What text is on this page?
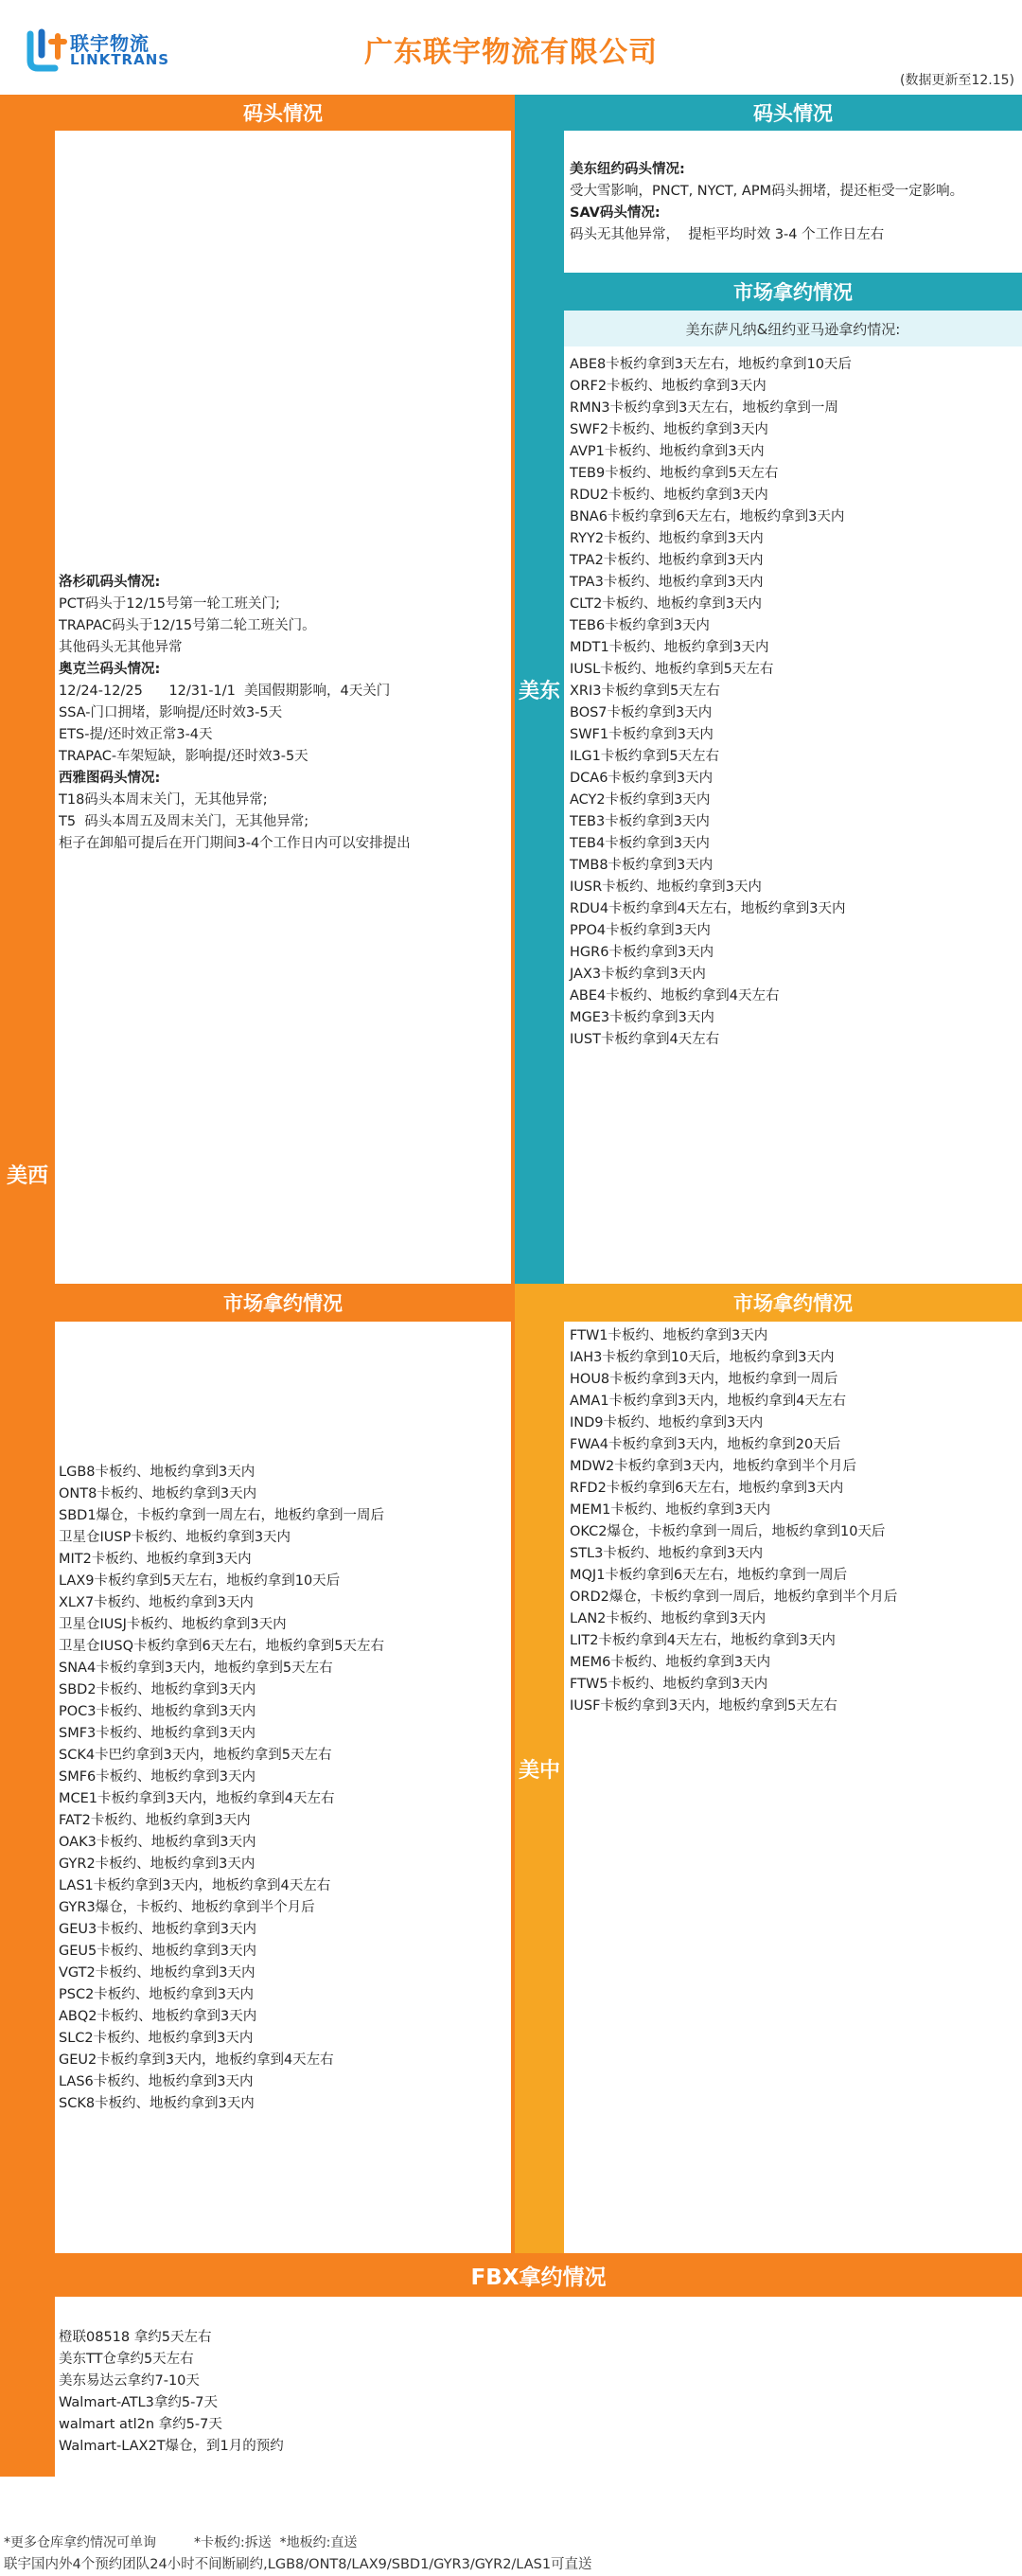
联宇物流
LINKTRANS	广东联宇物流有限公司
(数据更新至12.15)
美西
码头情况
洛杉矶码头情况:
PCT码头于12/15号第一轮工班关门;
TRAPAC码头于12/15号第二轮工班关门。
其他码头无其他异常
奥克兰码头情况:
12/24-12/25      12/31-1/1  美国假期影响，4天关门
SSA-门口拥堵，影响提/还时效3-5天
ETS-提/还时效正常3-4天
TRAPAC-车架短缺，影响提/还时效3-5天
西雅图码头情况:
T18码头本周末关门，无其他异常;
T5  码头本周五及周末关门，无其他异常;
柜子在卸船可提后在开门期间3-4个工作日内可以安排提出
市场拿约情况
LGB8卡板约、地板约拿到3天内
ONT8卡板约、地板约拿到3天内
SBD1爆仓，卡板约拿到一周左右，地板约拿到一周后
卫星仓IUSP卡板约、地板约拿到3天内
MIT2卡板约、地板约拿到3天内
LAX9卡板约拿到5天左右，地板约拿到10天后
XLX7卡板约、地板约拿到3天内
卫星仓IUSJ卡板约、地板约拿到3天内
卫星仓IUSQ卡板约拿到6天左右，地板约拿到5天左右
SNA4卡板约拿到3天内，地板约拿到5天左右
SBD2卡板约、地板约拿到3天内
POC3卡板约、地板约拿到3天内
SMF3卡板约、地板约拿到3天内
SCK4卡巴约拿到3天内，地板约拿到5天左右
SMF6卡板约、地板约拿到3天内
MCE1卡板约拿到3天内，地板约拿到4天左右
FAT2卡板约、地板约拿到3天内
OAK3卡板约、地板约拿到3天内
GYR2卡板约、地板约拿到3天内
LAS1卡板约拿到3天内，地板约拿到4天左右
GYR3爆仓，卡板约、地板约拿到半个月后
GEU3卡板约、地板约拿到3天内
GEU5卡板约、地板约拿到3天内
VGT2卡板约、地板约拿到3天内
PSC2卡板约、地板约拿到3天内
ABQ2卡板约、地板约拿到3天内
SLC2卡板约、地板约拿到3天内
GEU2卡板约拿到3天内，地板约拿到4天左右
LAS6卡板约、地板约拿到3天内
SCK8卡板约、地板约拿到3天内
美东
码头情况
美东纽约码头情况:
受大雪影响，PNCT, NYCT, APM码头拥堵，提还柜受一定影响。
SAV码头情况:
码头无其他异常，  提柜平均时效 3-4 个工作日左右
市场拿约情况
美东萨凡纳&纽约亚马逊拿约情况:
ABE8卡板约拿到3天左右，地板约拿到10天后
ORF2卡板约、地板约拿到3天内
RMN3卡板约拿到3天左右，地板约拿到一周
SWF2卡板约、地板约拿到3天内
AVP1卡板约、地板约拿到3天内
TEB9卡板约、地板约拿到5天左右
RDU2卡板约、地板约拿到3天内
BNA6卡板约拿到6天左右，地板约拿到3天内
RYY2卡板约、地板约拿到3天内
TPA2卡板约、地板约拿到3天内
TPA3卡板约、地板约拿到3天内
CLT2卡板约、地板约拿到3天内
TEB6卡板约拿到3天内
MDT1卡板约、地板约拿到3天内
IUSL卡板约、地板约拿到5天左右
XRI3卡板约拿到5天左右
BOS7卡板约拿到3天内
SWF1卡板约拿到3天内
ILG1卡板约拿到5天左右
DCA6卡板约拿到3天内
ACY2卡板约拿到3天内
TEB3卡板约拿到3天内
TEB4卡板约拿到3天内
TMB8卡板约拿到3天内
IUSR卡板约、地板约拿到3天内
RDU4卡板约拿到4天左右，地板约拿到3天内
PPO4卡板约拿到3天内
HGR6卡板约拿到3天内
JAX3卡板约拿到3天内
ABE4卡板约、地板约拿到4天左右
MGE3卡板约拿到3天内
IUST卡板约拿到4天左右
美中
市场拿约情况
FTW1卡板约、地板约拿到3天内
IAH3卡板约拿到10天后，地板约拿到3天内
HOU8卡板约拿到3天内，地板约拿到一周后
AMA1卡板约拿到3天内，地板约拿到4天左右
IND9卡板约、地板约拿到3天内
FWA4卡板约拿到3天内，地板约拿到20天后
MDW2卡板约拿到3天内，地板约拿到半个月后
RFD2卡板约拿到6天左右，地板约拿到3天内
MEM1卡板约、地板约拿到3天内
OKC2爆仓，卡板约拿到一周后，地板约拿到10天后
STL3卡板约、地板约拿到3天内
MQJ1卡板约拿到6天左右，地板约拿到一周后
ORD2爆仓，卡板约拿到一周后，地板约拿到半个月后
LAN2卡板约、地板约拿到3天内
LIT2卡板约拿到4天左右，地板约拿到3天内
MEM6卡板约、地板约拿到3天内
FTW5卡板约、地板约拿到3天内
IUSF卡板约拿到3天内，地板约拿到5天左右
FBX拿约情况
橙联08518 拿约5天左右
美东TT仓拿约5天左右
美东易达云拿约7-10天
Walmart-ATL3拿约5-7天
walmart atl2n 拿约5-7天
Walmart-LAX2T爆仓，到1月的预约
*更多仓库拿约情况可单询         *卡板约:拆送  *地板约:直送
联宇国内外4个预约团队24小时不间断刷约,LGB8/ONT8/LAX9/SBD1/GYR3/GYR2/LAS1可直送
